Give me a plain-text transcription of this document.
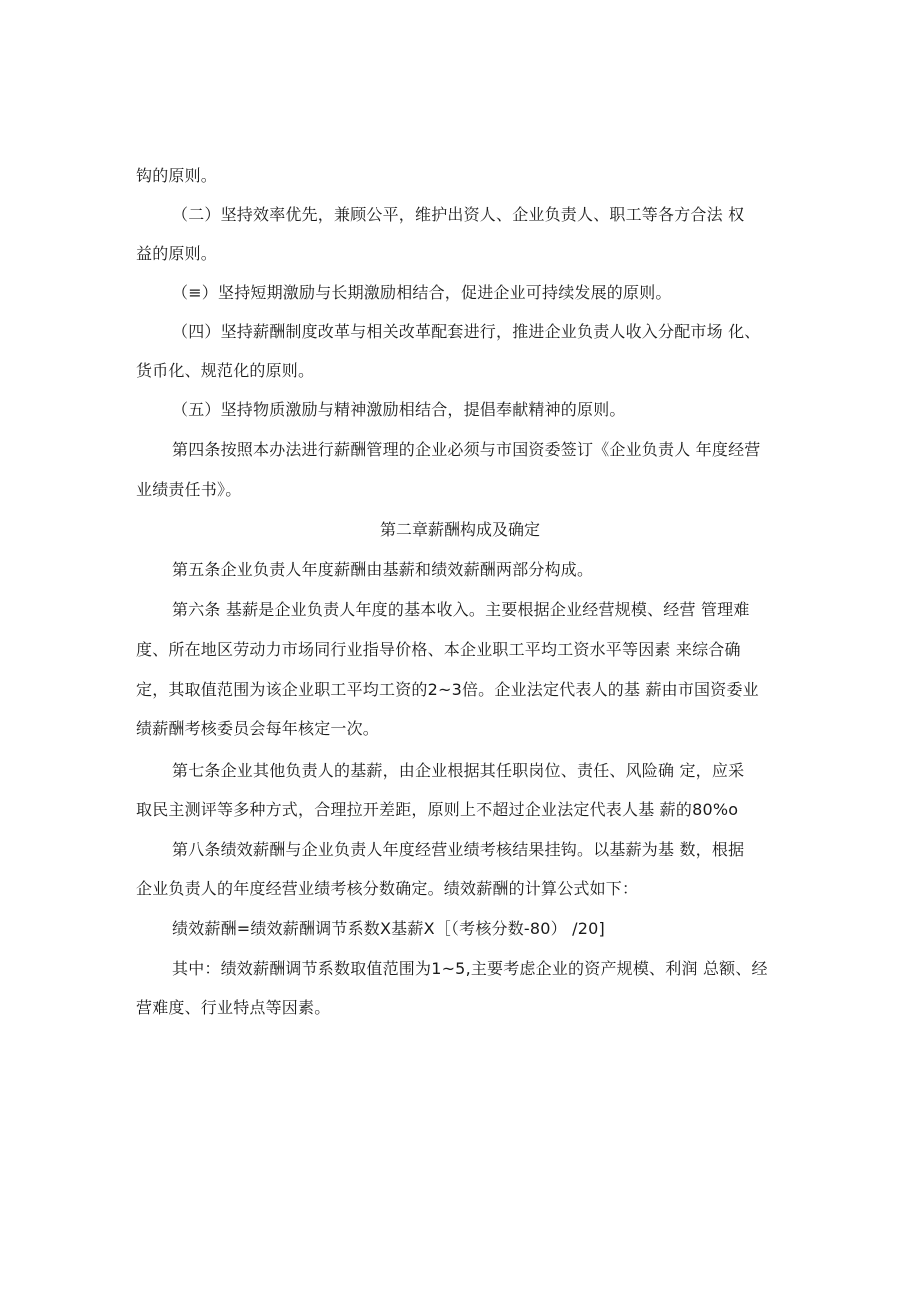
钩的原则。
（二）坚持效率优先，兼顾公平，维护出资人、企业负责人、职工等各方合法 权
益的原则。
（≡）坚持短期激励与长期激励相结合，促进企业可持续发展的原则。
（四）坚持薪酬制度改革与相关改革配套进行，推进企业负责人收入分配市场 化、
货币化、规范化的原则。
（五）坚持物质激励与精神激励相结合，提倡奉献精神的原则。
第四条按照本办法进行薪酬管理的企业必须与市国资委签订《企业负责人 年度经营
业绩责任书》。
第二章薪酬构成及确定
第五条企业负责人年度薪酬由基薪和绩效薪酬两部分构成。
第六条 基薪是企业负责人年度的基本收入。主要根据企业经营规模、经营 管理难
度、所在地区劳动力市场同行业指导价格、本企业职工平均工资水平等因素 来综合确
定，其取值范围为该企业职工平均工资的2~3倍。企业法定代表人的基 薪由市国资委业
绩薪酬考核委员会每年核定一次。
第七条企业其他负责人的基薪，由企业根据其任职岗位、责任、风险确 定，应采
取民主测评等多种方式，合理拉开差距，原则上不超过企业法定代表人基 薪的80%o
第八条绩效薪酬与企业负责人年度经营业绩考核结果挂钩。以基薪为基 数，根据
企业负责人的年度经营业绩考核分数确定。绩效薪酬的计算公式如下：
绩效薪酬=绩效薪酬调节系数X基薪X［（考核分数-80） /20]
其中：绩效薪酬调节系数取值范围为1~5,主要考虑企业的资产规模、利润 总额、经
营难度、行业特点等因素。
